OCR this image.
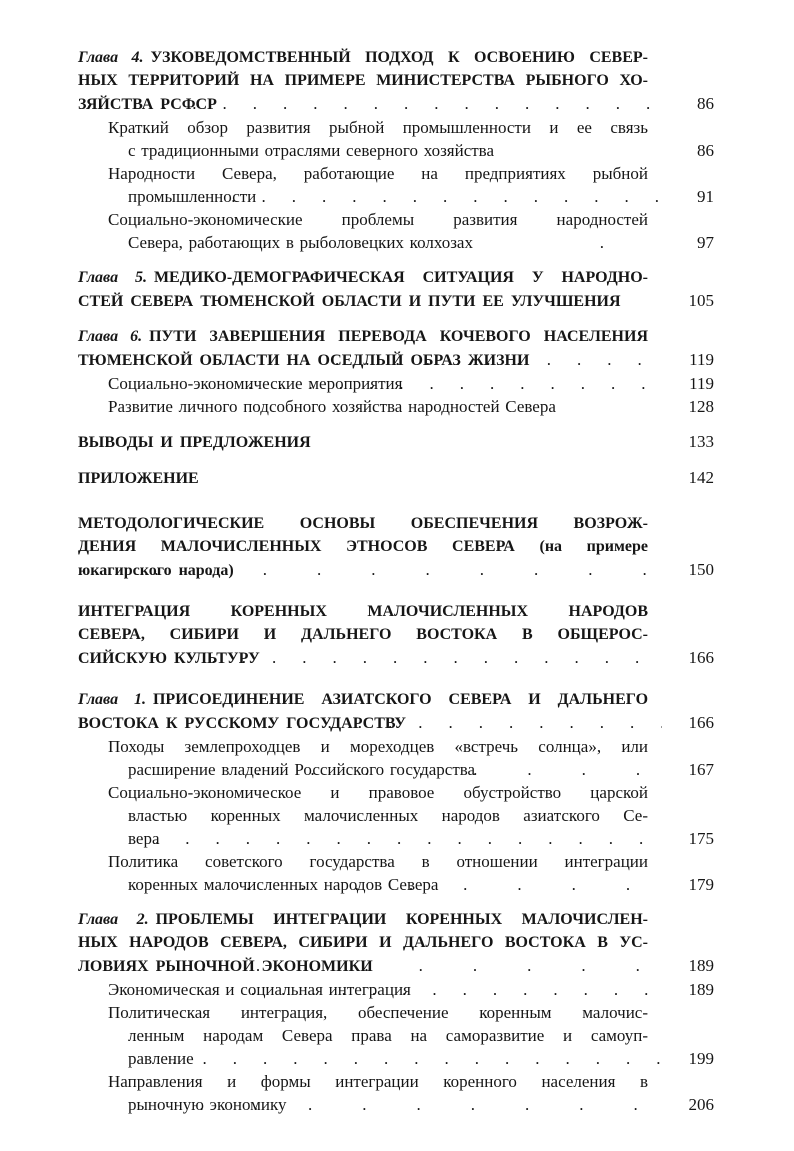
Глава 4. УЗКОВЕДОМСТВЕННЫЙ ПОДХОД К ОСВОЕНИЮ СЕВЕР-
НЫХ ТЕРРИТОРИЙ НА ПРИМЕРЕ МИНИСТЕРСТВА РЫБНОГО ХО-
ЗЯЙСТВА РСФСР .....	86
Краткий обзор развития рыбной промышленности и ее связь
с традиционными отраслями северного хозяйства	86
Народности Севера, работающие на предприятиях рыбной
промышленности .....	91
Социально-экономические проблемы развития народностей
Севера, работающих в рыболовецких колхозах .	97
Глава 5. МЕДИКО-ДЕМОГРАФИЧЕСКАЯ СИТУАЦИЯ У НАРОДНО-
СТЕЙ СЕВЕРА ТЮМЕНСКОЙ ОБЛАСТИ И ПУТИ ЕЕ УЛУЧШЕНИЯ	105
Глава 6. ПУТИ ЗАВЕРШЕНИЯ ПЕРЕВОДА КОЧЕВОГО НАСЕЛЕНИЯ
ТЮМЕНСКОЙ ОБЛАСТИ НА ОСЕДЛЫЙ ОБРАЗ ЖИЗНИ .....	119
Социально-экономические мероприятия .....	119
Развитие личного подсобного хозяйства народностей Севера	128
ВЫВОДЫ И ПРЕДЛОЖЕНИЯ	133
ПРИЛОЖЕНИЕ	142
МЕТОДОЛОГИЧЕСКИЕ ОСНОВЫ ОБЕСПЕЧЕНИЯ ВОЗРОЖ-
ДЕНИЯ МАЛОЧИСЛЕННЫХ ЭТНОСОВ СЕВЕРА (на примере
юкагирского народа) .....	150
ИНТЕГРАЦИЯ КОРЕННЫХ МАЛОЧИСЛЕННЫХ НАРОДОВ
СЕВЕРА, СИБИРИ И ДАЛЬНЕГО ВОСТОКА В ОБЩЕРОС-
СИЙСКУЮ КУЛЬТУРУ .....	166
Глава 1. ПРИСОЕДИНЕНИЕ АЗИАТСКОГО СЕВЕРА И ДАЛЬНЕГО
ВОСТОКА К РУССКОМУ ГОСУДАРСТВУ .....	166
Походы землепроходцев и мореходцев «встречь солнца», или
расширение владений Российского государства .....	167
Социально-экономическое и правовое обустройство царской
властью коренных малочисленных народов азиатского Се-
вера .....	175
Политика советского государства в отношении интеграции
коренных малочисленных народов Севера .....	179
Глава 2. ПРОБЛЕМЫ ИНТЕГРАЦИИ КОРЕННЫХ МАЛОЧИСЛЕН-
НЫХ НАРОДОВ СЕВЕРА, СИБИРИ И ДАЛЬНЕГО ВОСТОКА В УС-
ЛОВИЯХ РЫНОЧНОЙ ЭКОНОМИКИ .....	189
Экономическая и социальная интеграция .....	189
Политическая интеграция, обеспечение коренным малочис-
ленным народам Севера права на саморазвитие и самоуп-
равление .....	199
Направления и формы интеграции коренного населения в
рыночную экономику .....	206
